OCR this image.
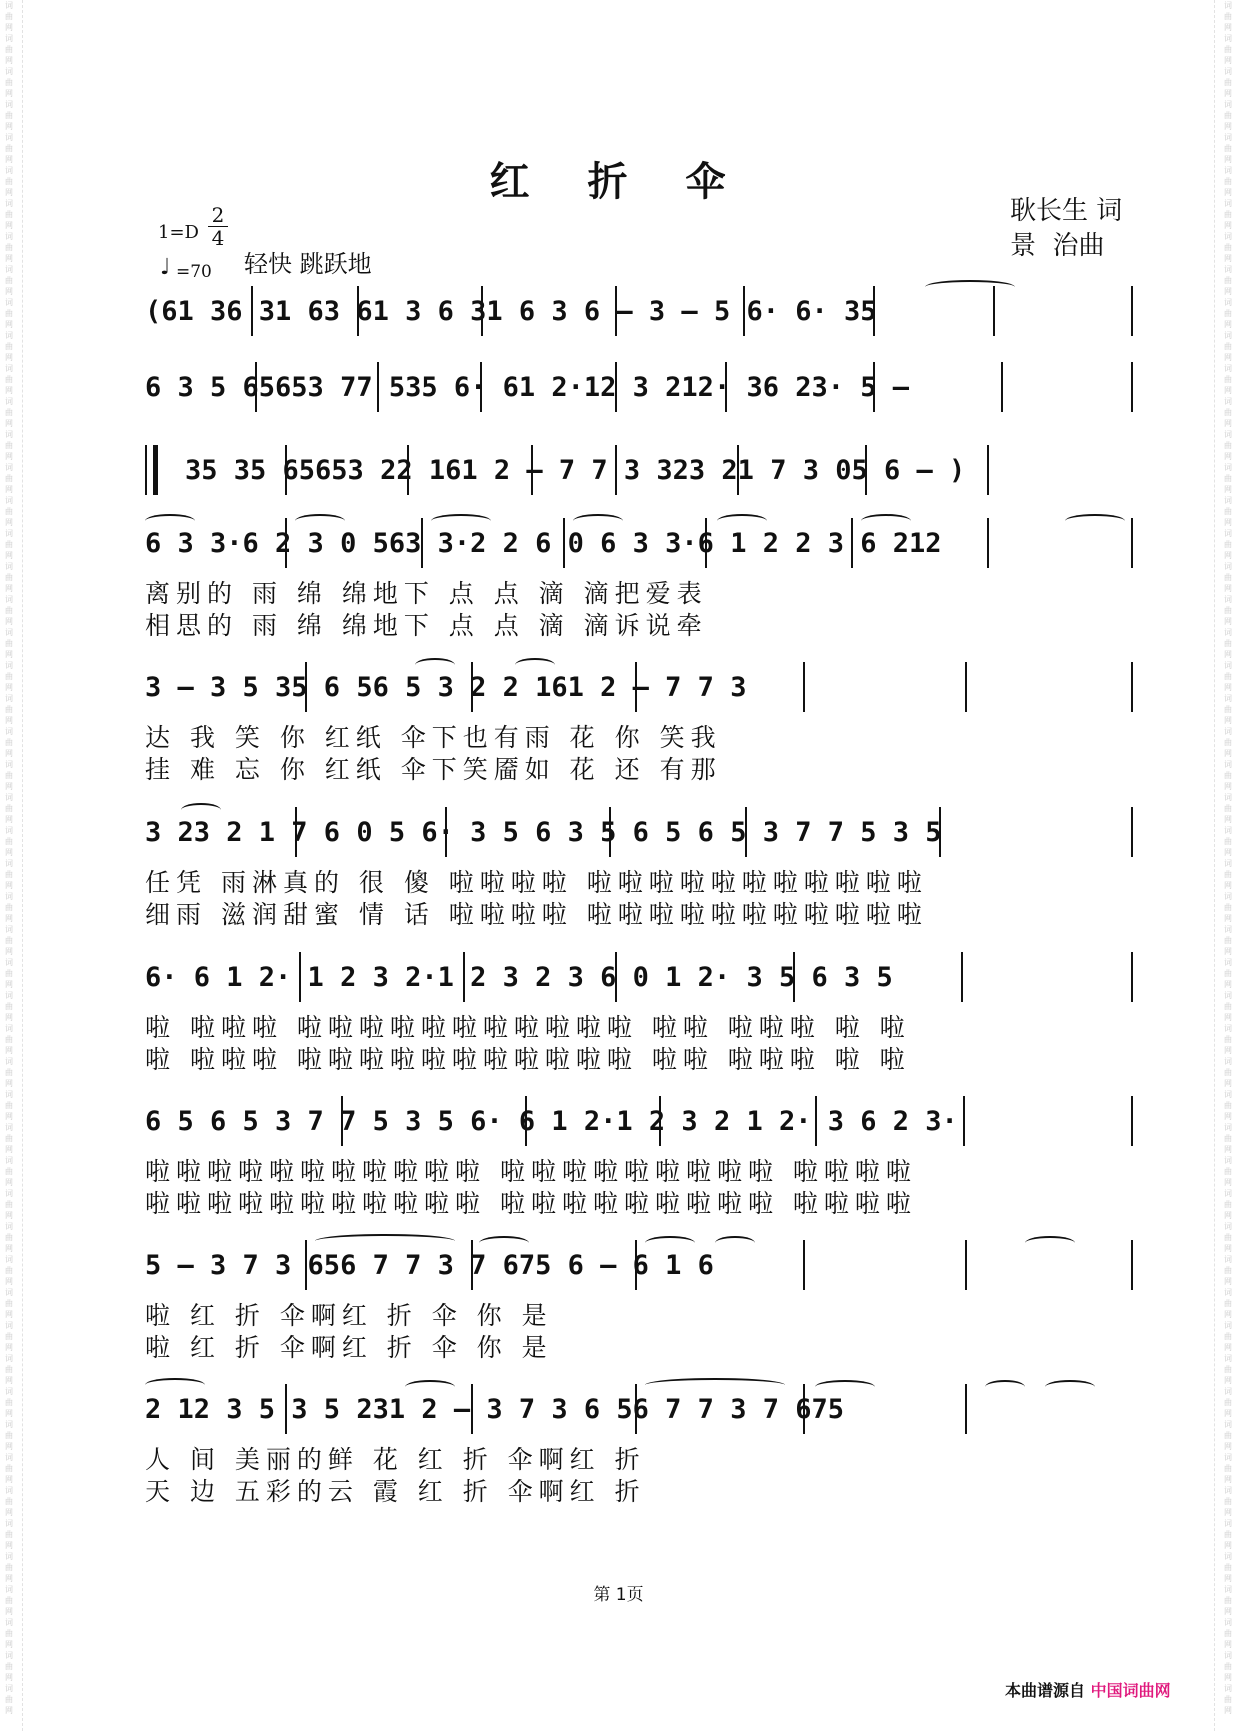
词曲网 词曲网 词曲网 词曲网 词曲网 词曲网 词曲网 词曲网 词曲网 词曲网 词曲网 词曲网 词曲网 词曲网 词曲网 词曲网 词曲网 词曲网 词曲网 词曲网 词曲网 词曲网 词曲网 词曲网 词曲网 词曲网 词曲网 词曲网 词曲网 词曲网 词曲网 词曲网 词曲网 词曲网 词曲网 词曲网 词曲网 词曲网 词曲网 词曲网 词曲网 词曲网 词曲网 词曲网 词曲网 词曲网 词曲网 词曲网 词曲网 词曲网 词曲网 词曲网
词曲网 词曲网 词曲网 词曲网 词曲网 词曲网 词曲网 词曲网 词曲网 词曲网 词曲网 词曲网 词曲网 词曲网 词曲网 词曲网 词曲网 词曲网 词曲网 词曲网 词曲网 词曲网 词曲网 词曲网 词曲网 词曲网 词曲网 词曲网 词曲网 词曲网 词曲网 词曲网 词曲网 词曲网 词曲网 词曲网 词曲网 词曲网 词曲网 词曲网 词曲网 词曲网 词曲网 词曲网 词曲网 词曲网 词曲网 词曲网 词曲网 词曲网 词曲网 词曲网
红 折 伞
耿长生 词
景  治曲
$1=D \frac{2}{4}$
♩ =70 轻快 跳跃地
(61 36 31 63 61 3 6 31 6 3 6 – 3 – 5 6· 6· 35
6 3 5 65653 77 535 6· 61 2·12 3 212· 36 23· 5 –
35 35 65653 22 161 2 – 7 7 3 323 21 7 3 05 6 – )
6 3 3·6 2 3 0 563 3·2 2 6 0 6 3 3·6 1 2 2 3 6 212
离别的 雨 绵 绵地下 点 点 滴 滴把爱表
相思的 雨 绵 绵地下 点 点 滴 滴诉说牵
3 – 3 5 35 6 56 5 3 2 2 161 2 – 7 7 3
达 我 笑 你 红纸 伞下也有雨 花 你 笑我
挂 难 忘 你 红纸 伞下笑靥如 花 还 有那
3 23 2 1 7 6 0 5 6· 3 5 6 3 5 6 5 6 5 3 7 7 5 3 5
任凭 雨淋真的 很 傻 啦啦啦啦 啦啦啦啦啦啦啦啦啦啦啦
细雨 滋润甜蜜 情 话 啦啦啦啦 啦啦啦啦啦啦啦啦啦啦啦
6· 6 1 2· 1 2 3 2·1 2 3 2 3 6 0 1 2· 3 5 6 3 5
啦 啦啦啦 啦啦啦啦啦啦啦啦啦啦啦 啦啦 啦啦啦 啦 啦
啦 啦啦啦 啦啦啦啦啦啦啦啦啦啦啦 啦啦 啦啦啦 啦 啦
6 5 6 5 3 7 7 5 3 5 6· 6 1 2·1 2 3 2 1 2· 3 6 2 3·
啦啦啦啦啦啦啦啦啦啦啦 啦啦啦啦啦啦啦啦啦 啦啦啦啦
啦啦啦啦啦啦啦啦啦啦啦 啦啦啦啦啦啦啦啦啦 啦啦啦啦
5 – 3 7 3 656 7 7 3 7 675 6 – 6 1 6
啦 红 折 伞啊红 折 伞 你 是
啦 红 折 伞啊红 折 伞 你 是
2 12 3 5 3 5 231 2 – 3 7 3 6 56 7 7 3 7 675
人 间 美丽的鲜 花 红 折 伞啊红 折
天 边 五彩的云 霞 红 折 伞啊红 折
第 1页
本曲谱源自 中国词曲网
